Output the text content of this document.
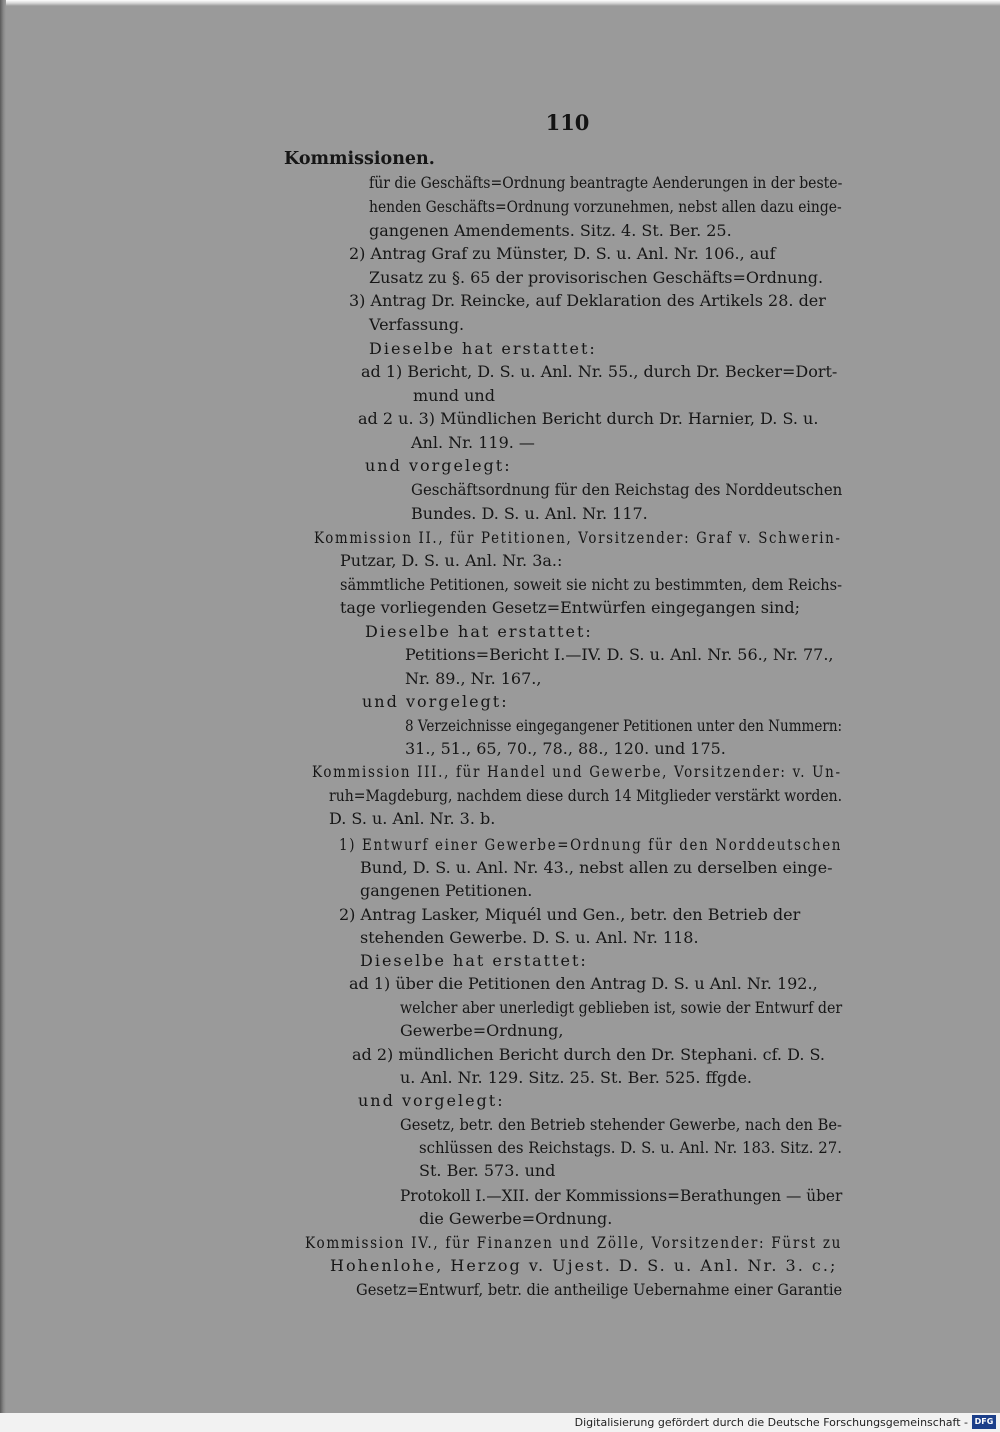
110
Kommissionen.
für die Geschäfts=Ordnung beantragte Aenderungen in der beste-
henden Geschäfts=Ordnung vorzunehmen, nebst allen dazu einge-
gangenen Amendements. Sitz. 4. St. Ber. 25.
2) Antrag Graf zu Münster, D. S. u. Anl. Nr. 106., auf
Zusatz zu §. 65 der provisorischen Geschäfts=Ordnung.
3) Antrag Dr. Reincke, auf Deklaration des Artikels 28. der
Verfassung.
Dieselbe hat erstattet:
ad 1) Bericht, D. S. u. Anl. Nr. 55., durch Dr. Becker=Dort-
mund und
ad 2 u. 3) Mündlichen Bericht durch Dr. Harnier, D. S. u.
Anl. Nr. 119. —
und vorgelegt:
Geschäftsordnung für den Reichstag des Norddeutschen
Bundes. D. S. u. Anl. Nr. 117.
Kommission II., für Petitionen, Vorsitzender: Graf v. Schwerin-
Putzar, D. S. u. Anl. Nr. 3a.:
sämmtliche Petitionen, soweit sie nicht zu bestimmten, dem Reichs-
tage vorliegenden Gesetz=Entwürfen eingegangen sind;
Dieselbe hat erstattet:
Petitions=Bericht I.—IV. D. S. u. Anl. Nr. 56., Nr. 77.,
Nr. 89., Nr. 167.,
und vorgelegt:
8 Verzeichnisse eingegangener Petitionen unter den Nummern:
31., 51., 65, 70., 78., 88., 120. und 175.
Kommission III., für Handel und Gewerbe, Vorsitzender: v. Un-
ruh=Magdeburg, nachdem diese durch 14 Mitglieder verstärkt worden.
D. S. u. Anl. Nr. 3. b.
1) Entwurf einer Gewerbe=Ordnung für den Norddeutschen
Bund, D. S. u. Anl. Nr. 43., nebst allen zu derselben einge-
gangenen Petitionen.
2) Antrag Lasker, Miquél und Gen., betr. den Betrieb der
stehenden Gewerbe. D. S. u. Anl. Nr. 118.
Dieselbe hat erstattet:
ad 1) über die Petitionen den Antrag D. S. u Anl. Nr. 192.,
welcher aber unerledigt geblieben ist, sowie der Entwurf der
Gewerbe=Ordnung,
ad 2) mündlichen Bericht durch den Dr. Stephani. cf. D. S.
u. Anl. Nr. 129. Sitz. 25. St. Ber. 525. ffgde.
und vorgelegt:
Gesetz, betr. den Betrieb stehender Gewerbe, nach den Be-
schlüssen des Reichstags. D. S. u. Anl. Nr. 183. Sitz. 27.
St. Ber. 573. und
Protokoll I.—XII. der Kommissions=Berathungen — über
die Gewerbe=Ordnung.
Kommission IV., für Finanzen und Zölle, Vorsitzender: Fürst zu
Hohenlohe, Herzog v. Ujest. D. S. u. Anl. Nr. 3. c.;
Gesetz=Entwurf, betr. die antheilige Uebernahme einer Garantie
Digitalisierung gefördert durch die Deutsche Forschungsgemeinschaft - DFG
